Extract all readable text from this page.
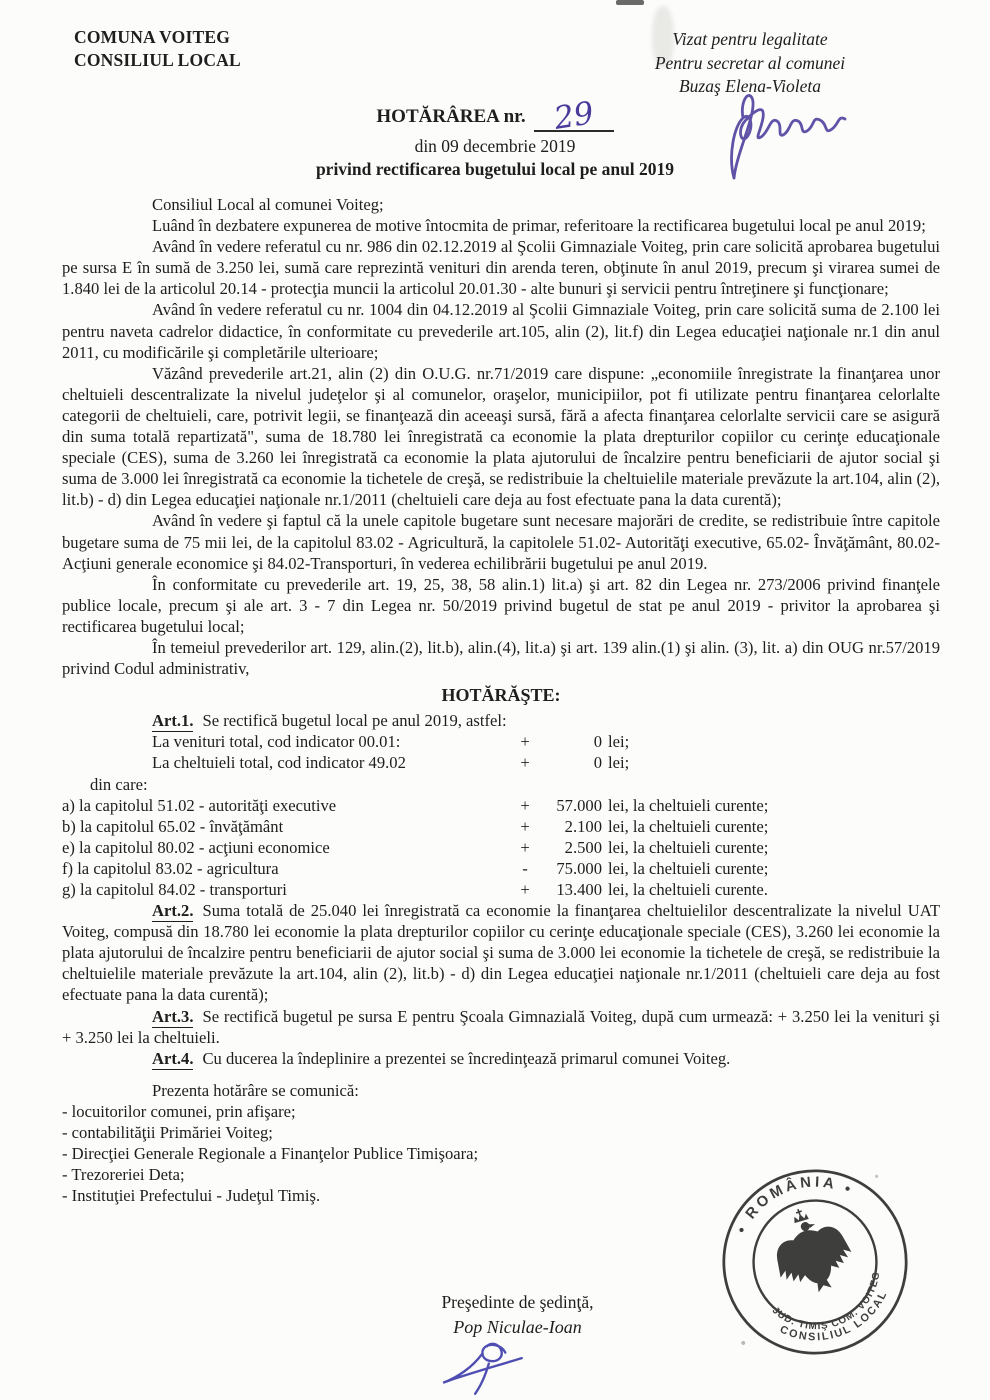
COMUNA VOITEG
CONSILIUL LOCAL
Vizat pentru legalitate
Pentru secretar al comunei
Buzaş Elena-Violeta
HOTĂRÂREA nr. 29
din 09 decembrie 2019
privind rectificarea bugetului local pe anul 2019

Consiliul Local al comunei Voiteg;

Luând în dezbatere expunerea de motive întocmita de primar, referitoare la rectificarea bugetului local pe anul 2019;

Având în vedere referatul cu nr. 986 din 02.12.2019 al Şcolii Gimnaziale Voiteg, prin care solicită aprobarea bugetului pe sursa E în sumă de 3.250 lei, sumă care reprezintă venituri din arenda teren, obţinute în anul 2019, precum şi virarea sumei de 1.840 lei de la articolul 20.14 - protecţia muncii la articolul 20.01.30 - alte bunuri şi servicii pentru întreţinere şi funcţionare;

Având în vedere referatul cu nr. 1004 din 04.12.2019 al Şcolii Gimnaziale Voiteg, prin care solicită suma de 2.100 lei pentru naveta cadrelor didactice, în conformitate cu prevederile art.105, alin (2), lit.f) din Legea educaţiei naţionale nr.1 din anul 2011, cu modificările şi completările ulterioare;

Văzând prevederile art.21, alin (2) din O.U.G. nr.71/2019 care dispune: „economiile înregistrate la finanţarea unor cheltuieli descentralizate la nivelul judeţelor şi al comunelor, oraşelor, municipiilor, pot fi utilizate pentru finanţarea celorlalte categorii de cheltuieli, care, potrivit legii, se finanţează din aceeaşi sursă, fără a afecta finanţarea celorlalte servicii care se asigură din suma totală repartizată", suma de 18.780 lei înregistrată ca economie la plata drepturilor copiilor cu cerinţe educaţionale speciale (CES), suma de 3.260 lei înregistrată ca economie la plata ajutorului de încalzire pentru beneficiarii de ajutor social şi suma de 3.000 lei înregistrată ca economie la tichetele de creşă, se redistribuie la cheltuielile materiale prevăzute la art.104, alin (2), lit.b) - d) din Legea educaţiei naţionale nr.1/2011 (cheltuieli care deja au fost efectuate pana la data curentă);

Având în vedere şi faptul că la unele capitole bugetare sunt necesare majorări de credite, se redistribuie între capitole bugetare suma de 75 mii lei, de la capitolul 83.02 - Agricultură, la capitolele 51.02- Autorităţi executive, 65.02- Învăţământ, 80.02- Acţiuni generale economice şi 84.02-Transporturi, în vederea echilibrării bugetului pe anul 2019.

În conformitate cu prevederile art. 19, 25, 38, 58 alin.1) lit.a) şi art. 82 din Legea nr. 273/2006 privind finanţele publice locale, precum şi ale art. 3 - 7 din Legea nr. 50/2019 privind bugetul de stat pe anul 2019 - privitor la aprobarea şi rectificarea bugetului local;

În temeiul prevederilor art. 129, alin.(2), lit.b), alin.(4), lit.a) şi art. 139 alin.(1) şi alin. (3), lit. a) din OUG nr.57/2019 privind Codul administrativ,

HOTĂRĂŞTE:

Art.1. Se rectifică bugetul local pe anul 2019, astfel:

La venituri total, cod indicator 00.01:	+	0 lei;
La cheltuieli total, cod indicator 49.02	+	0 lei;
din care:
a) la capitolul 51.02 - autorităţi executive	+	57.000 lei, la cheltuieli curente;
b) la capitolul 65.02 - învăţământ	+	2.100 lei, la cheltuieli curente;
e) la capitolul 80.02 - acţiuni economice	+	2.500 lei, la cheltuieli curente;
f) la capitolul 83.02 - agricultura	-	75.000 lei, la cheltuieli curente;
g) la capitolul 84.02 - transporturi	+	13.400 lei, la cheltuieli curente.

Art.2. Suma totală de 25.040 lei înregistrată ca economie la finanţarea cheltuielilor descentralizate la nivelul UAT Voiteg, compusă din 18.780 lei economie la plata drepturilor copiilor cu cerinţe educaţionale speciale (CES), 3.260 lei economie la plata ajutorului de încalzire pentru beneficiarii de ajutor social şi suma de 3.000 lei economie la tichetele de creşă, se redistribuie la cheltuielile materiale prevăzute la art.104, alin (2), lit.b) - d) din Legea educaţiei naţionale nr.1/2011 (cheltuieli care deja au fost efectuate pana la data curentă);

Art.3. Se rectifică bugetul pe sursa E pentru Şcoala Gimnazială Voiteg, după cum urmează: + 3.250 lei la venituri şi + 3.250 lei la cheltuieli.

Art.4. Cu ducerea la îndeplinire a prezentei se încredinţează primarul comunei Voiteg.

Prezenta hotărâre se comunică:

- locuitorilor comunei, prin afişare;
- contabilităţii Primăriei Voiteg;
- Direcţiei Generale Regionale a Finanţelor Publice Timişoara;
- Trezoreriei Deta;
- Instituţiei Prefectului - Judeţul Timiş.
Preşedinte de şedinţă,
Pop Niculae-Ioan
• ROMÂNIA •
CONSILIUL LOCAL
JUD. TIMIŞ COM. VOITEG
